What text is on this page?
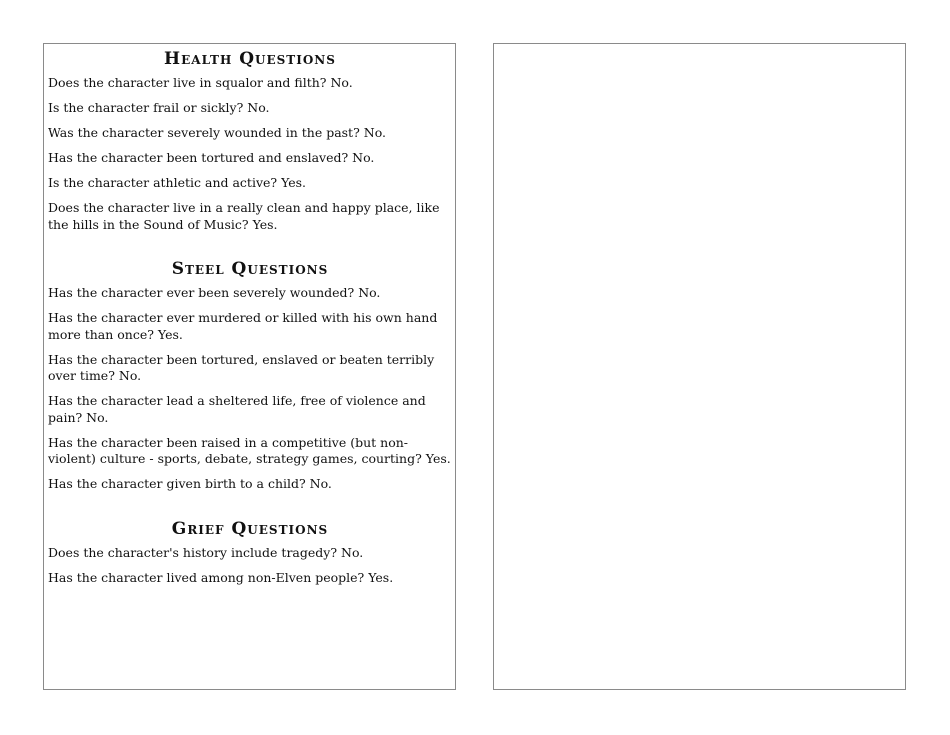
Health Questions

Does the character live in squalor and filth? No.

Is the character frail or sickly? No.

Was the character severely wounded in the past? No.

Has the character been tortured and enslaved? No.

Is the character athletic and active? Yes.

Does the character live in a really clean and happy place, like the hills in the Sound of Music? Yes.

Steel Questions

Has the character ever been severely wounded? No.

Has the character ever murdered or killed with his own hand more than once? Yes.

Has the character been tortured, enslaved or beaten terribly over time? No.

Has the character lead a sheltered life, free of violence and pain? No.

Has the character been raised in a competitive (but non-violent) culture - sports, debate, strategy games, courting? Yes.

Has the character given birth to a child? No.

Grief Questions

Does the character's history include tragedy? No.

Has the character lived among non-Elven people? Yes.
